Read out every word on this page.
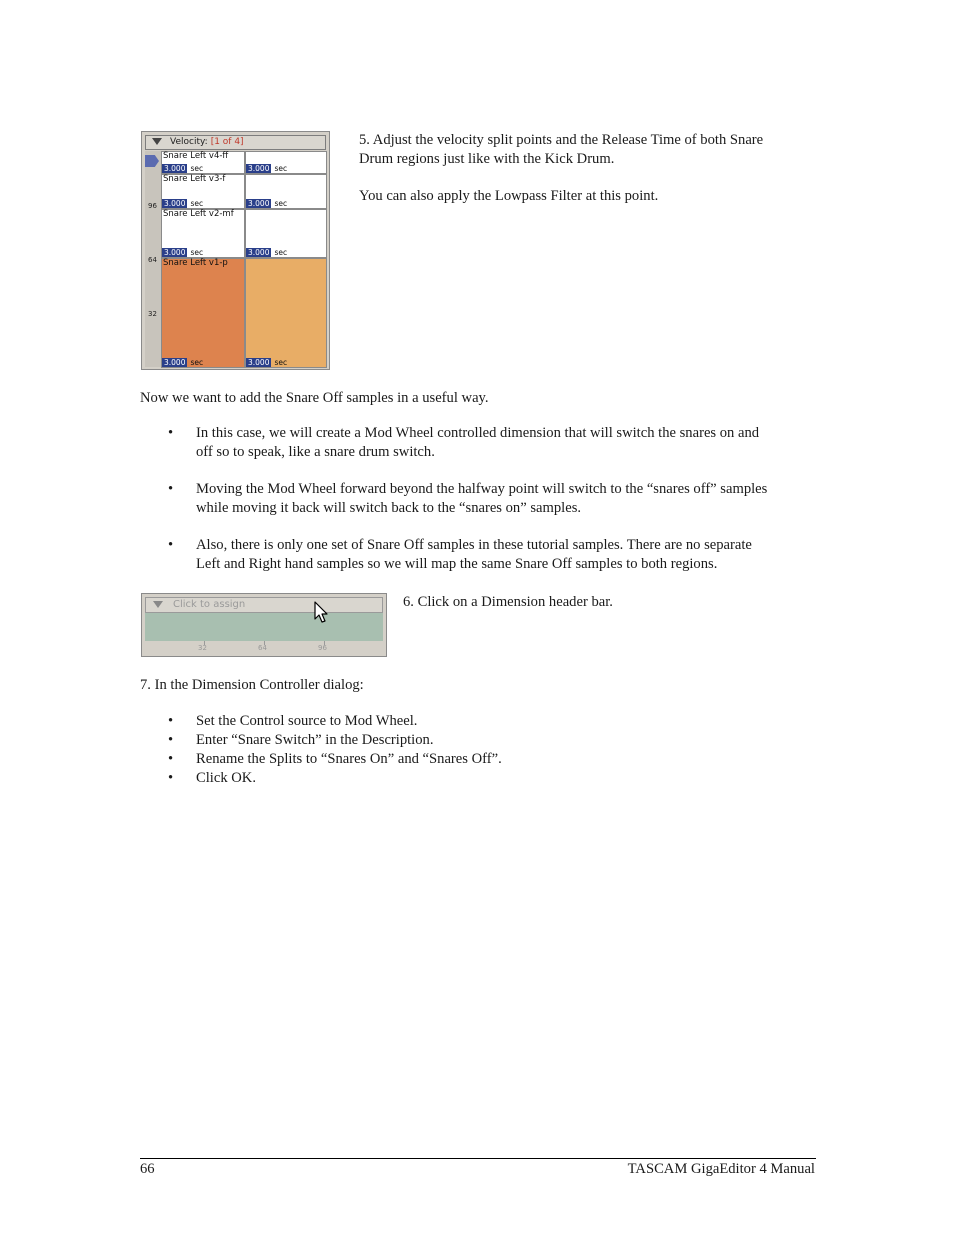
Velocity: [1 of 4]
96
64
32
Snare Left v4-ff
3.000 sec	3.000 sec
Snare Left v3-f
3.000 sec	3.000 sec
Snare Left v2-mf
3.000 sec	3.000 sec
Snare Left v1-p
3.000 sec	3.000 sec
5. Adjust the velocity split points and the Release Time of both Snare
Drum regions just like with the Kick Drum.
You can also apply the Lowpass Filter at this point.
Now we want to add the Snare Off samples in a useful way.
• In this case, we will create a Mod Wheel controlled dimension that will switch the snares on and
off so to speak, like a snare drum switch.
• Moving the Mod Wheel forward beyond the halfway point will switch to the “snares off” samples
while moving it back will switch back to the “snares on” samples.
• Also, there is only one set of Snare Off samples in these tutorial samples. There are no separate
Left and Right hand samples so we will map the same Snare Off samples to both regions.
Click to assign
32	64	96
6. Click on a Dimension header bar.
7. In the Dimension Controller dialog:
• Set the Control source to Mod Wheel.
• Enter “Snare Switch” in the Description.
• Rename the Splits to “Snares On” and “Snares Off”.
• Click OK.
66	TASCAM GigaEditor 4 Manual
